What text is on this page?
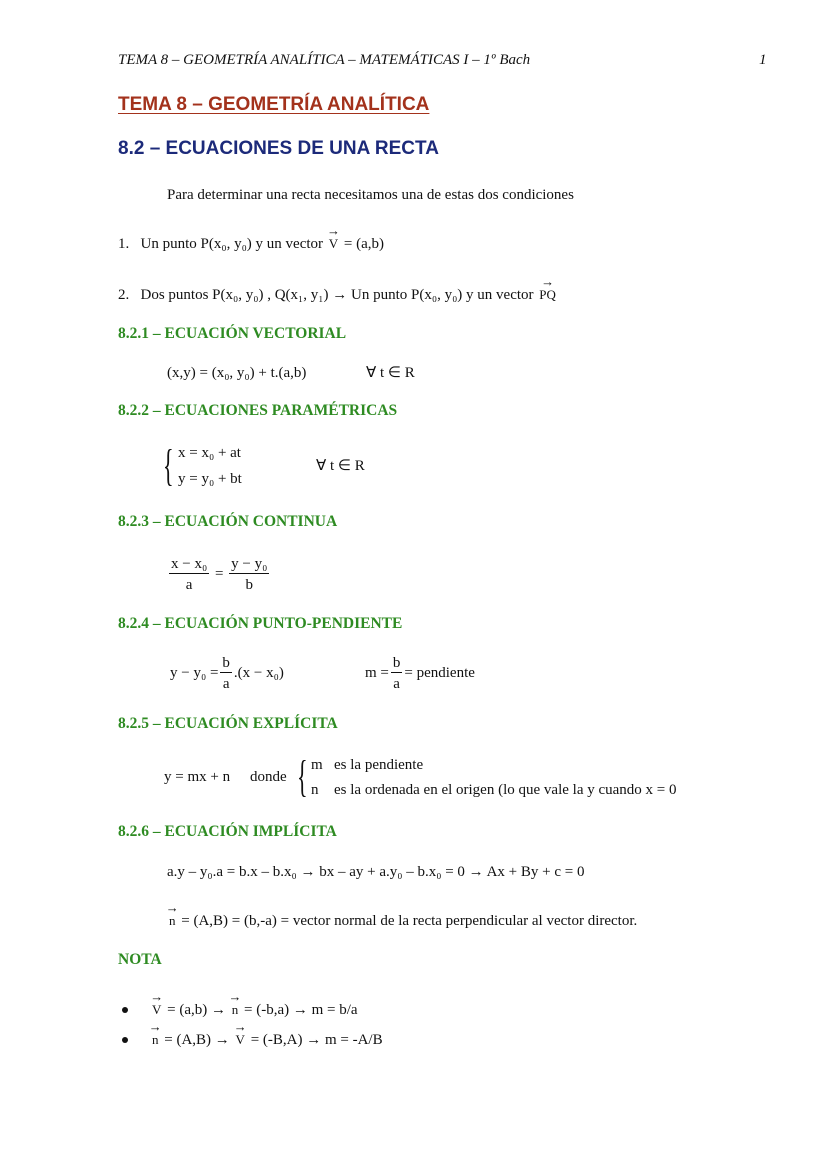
TEMA 8 – GEOMETRÍA ANALÍTICA – MATEMÁTICAS I – 1º Bach	1
TEMA 8 – GEOMETRÍA ANALÍTICA
8.2 – ECUACIONES DE UNA RECTA
Para determinar una recta necesitamos una de estas dos condiciones
1. Un punto P(x₀, y₀) y un vector → V = (a,b)
2. Dos puntos P(x₀, y₀) , Q(x₁, y₁) → Un punto P(x₀, y₀) y un vector → PQ
8.2.1 – ECUACIÓN VECTORIAL
(x,y) = (x₀, y₀) + t.(a,b)	∀ t ∈ R
8.2.2 – ECUACIONES PARAMÉTRICAS
{ x = x₀ + at
y = y₀ + bt
∀ t ∈ R
8.2.3 – ECUACIÓN CONTINUA
$\frac{\text{x − x₀}}{a} = \frac{\text{y − y₀}}{b}$
8.2.4 – ECUACIÓN PUNTO-PENDIENTE
$y - y_0 = \frac{b}{a} .(x - x_0)$	$m = \frac{b}{a}$ = pendiente
8.2.5 – ECUACIÓN EXPLÍCITA
y = mx + n donde { m es la pendiente
n es la ordenada en el origen (lo que vale la y cuando x = 0
8.2.6 – ECUACIÓN IMPLÍCITA
a.y – y₀.a = b.x – b.x₀ → bx – ay + a.y₀ – b.x₀ = 0 → Ax + By + c = 0
→ n = (A,B) = (b,-a) = vector normal de la recta perpendicular al vector director.
NOTA
→ V = (a,b) → → n = (-b,a) → m = b/a
→ n = (A,B) → → V = (-B,A) → m = -A/B
